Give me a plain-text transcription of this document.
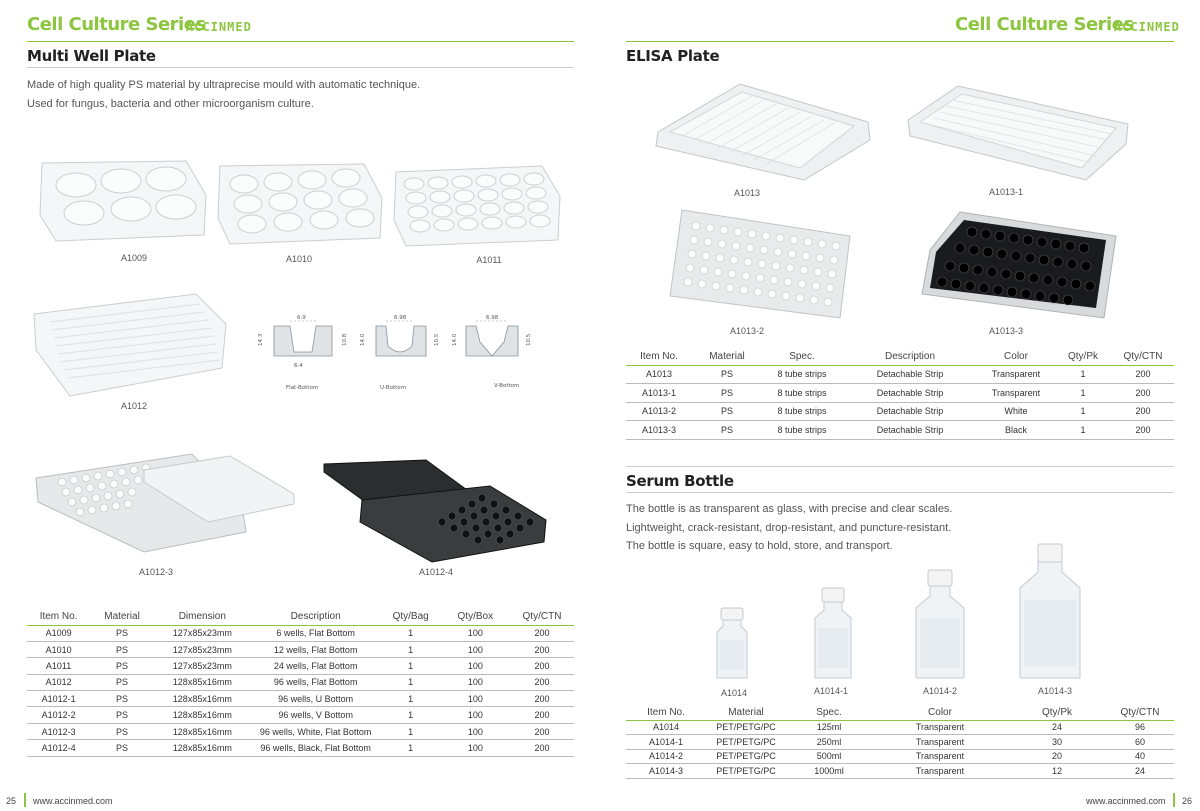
Cell Culture Series
ACCINMED
Multi Well Plate
Made of high quality PS material by ultraprecise mould with automatic technique.
Used for fungus, bacteria and other microorganism culture.
A1009	A1010	A1011
A1012
6.9	6.98	6.98
14.3	10.8
6.4
14.0	10.5 14.0	10.5
Flat-Bottom	U-Bottom	V-Bottom
A1012-3	A1012-4
Item No.	Material	Dimension	Description	Qty/Bag	Qty/Box	Qty/CTN
A1009	PS	127x85x23mm	6 wells, Flat Bottom	1	100	200
A1010	PS	127x85x23mm	12 wells, Flat Bottom	1	100	200
A1011	PS	127x85x23mm	24 wells, Flat Bottom	1	100	200
A1012	PS	128x85x16mm	96 wells, Flat Bottom	1	100	200
A1012-1	PS	128x85x16mm	96 wells, U Bottom	1	100	200
A1012-2	PS	128x85x16mm	96 wells, V Bottom	1	100	200
A1012-3	PS	128x85x16mm	96 wells, White, Flat Bottom	1	100	200
A1012-4	PS	128x85x16mm	96 wells, Black, Flat Bottom	1	100	200
25 www.accinmed.com
Cell Culture Series
ACCINMED
ELISA Plate
A1013	A1013-1
A1013-2	A1013-3
Item No.	Material	Spec.	Description	Color	Qty/Pk	Qty/CTN
A1013	PS	8 tube strips	Detachable Strip	Transparent	1	200
A1013-1	PS	8 tube strips	Detachable Strip	Transparent	1	200
A1013-2	PS	8 tube strips	Detachable Strip	White	1	200
A1013-3	PS	8 tube strips	Detachable Strip	Black	1	200
Serum Bottle
The bottle is as transparent as glass, with precise and clear scales.
Lightweight, crack-resistant, drop-resistant, and puncture-resistant.
The bottle is square, easy to hold, store, and transport.
A1014	A1014-1	A1014-2	A1014-3
Item No.	Material	Spec.	Color	Qty/Pk	Qty/CTN
A1014	PET/PETG/PC	125ml	Transparent	24	96
A1014-1	PET/PETG/PC	250ml	Transparent	30	60
A1014-2	PET/PETG/PC	500ml	Transparent	20	40
A1014-3	PET/PETG/PC	1000ml	Transparent	12	24
www.accinmed.com 26
